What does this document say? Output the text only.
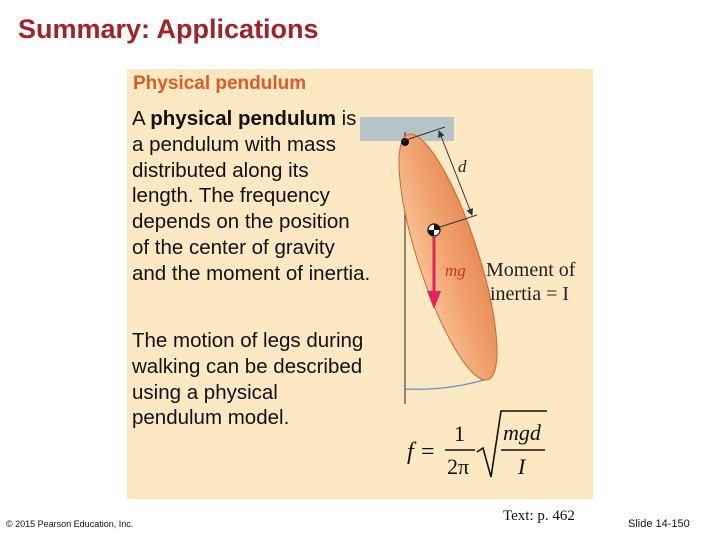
Summary: Applications
Physical pendulum
A physical pendulum is a pendulum with mass distributed along its length. The frequency depends on the position of the center of gravity and the moment of inertia.
The motion of legs during walking can be described using a physical pendulum model.
d
mg Moment of
inertia = I
f =
1
2π
mgd
I
© 2015 Pearson Education, Inc.	Text: p. 462	Slide 14-150
